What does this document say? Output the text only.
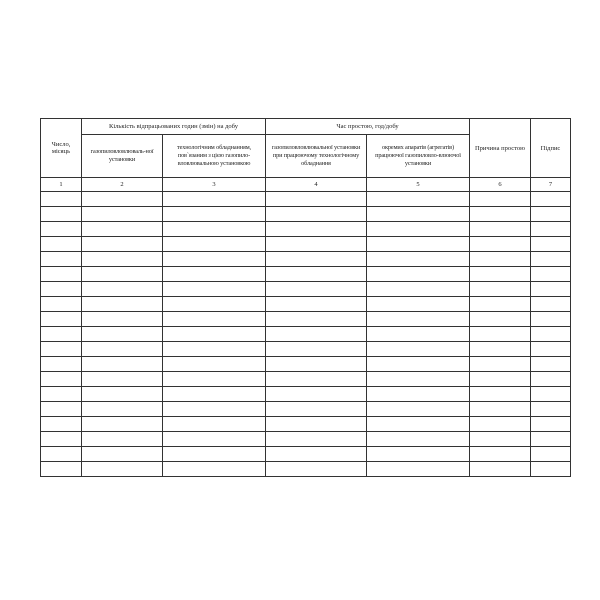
Число, місяць	Кількість відпрацьованих годин (змін) на добу		Час простою, год/добу		Причина простою	Підпис
	газопиловловлюваль-ної установки	технологічним обладнанням, пов`язаним з цією газопило-вловлювальною установкою	газопиловловлювальної установки при працюючому технологічному обладнання	окремих апаратів (агрегатів) працюючої газопиловло-влюючої установки		
1	2	3	4	5	6	7
